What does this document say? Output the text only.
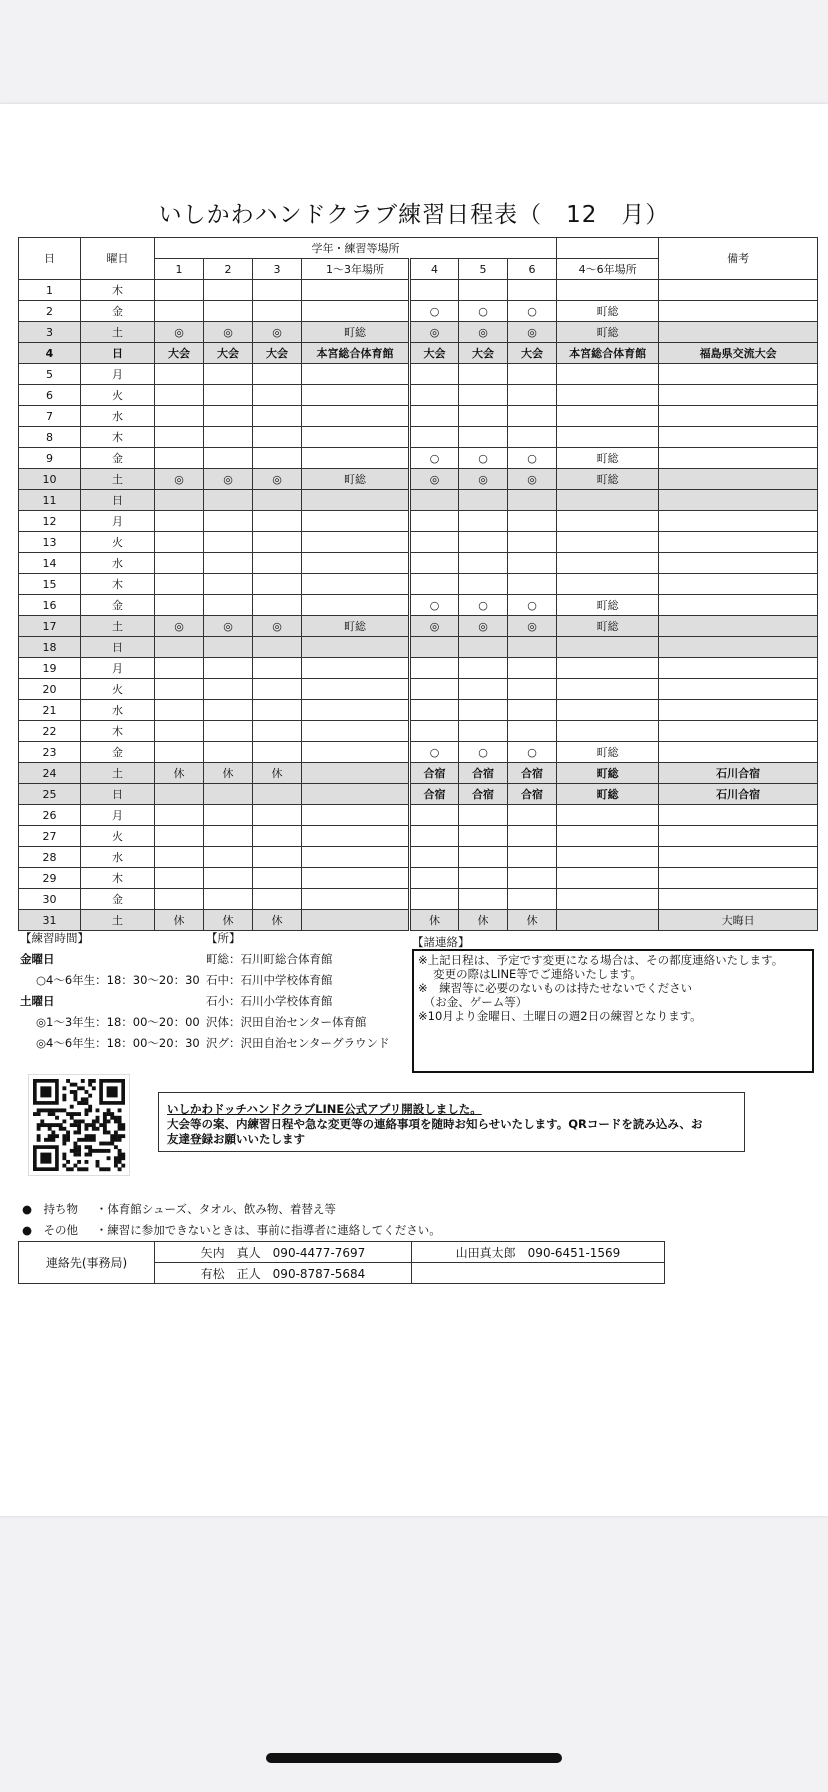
いしかわハンドクラブ練習日程表（　12　月）
日	曜日	学年・練習等場所								備考
		1	2	3	1～3年場所	4	5	6	4～6年場所	
1	木									
2	金					○	○	○	町総	
3	土	◎	◎	◎	町総	◎	◎	◎	町総	
4	日	大会	大会	大会	本宮総合体育館	大会	大会	大会	本宮総合体育館	福島県交流大会
5	月									
6	火									
7	水									
8	木									
9	金					○	○	○	町総	
10	土	◎	◎	◎	町総	◎	◎	◎	町総	
11	日									
12	月									
13	火									
14	水									
15	木									
16	金					○	○	○	町総	
17	土	◎	◎	◎	町総	◎	◎	◎	町総	
18	日									
19	月									
20	火									
21	水									
22	木									
23	金					○	○	○	町総	
24	土	休	休	休		合宿	合宿	合宿	町総	石川合宿
25	日					合宿	合宿	合宿	町総	石川合宿
26	月									
27	火									
28	水									
29	木									
30	金									
31	土	休	休	休		休	休	休		大晦日
【練習時間】
金曜日
○4～6年生：18：30～20：30
土曜日
◎1～3年生：18：00～20：00
◎4～6年生：18：00～20：30
【所】
町総：石川町総合体育館
石中：石川中学校体育館
石小：石川小学校体育館
沢体：沢田自治センター体育館
沢グ：沢田自治センターグラウンド
【諸連絡】
※上記日程は、予定です変更になる場合は、その都度連絡いたします。
　 変更の際はLINE等でご連絡いたします。
※　練習等に必要のないものは持たせないでください
　（お金、ゲーム等）
※10月より金曜日、土曜日の週2日の練習となります。
いしかわドッチハンドクラブLINE公式アプリ開設しました。
大会等の案、内練習日程や急な変更等の連絡事項を随時お知らせいたします。QRコードを読み込み、お
友達登録お願いいたします
●　持ち物 ・体育館シューズ、タオル、飲み物、着替え等
●　その他 ・練習に参加できないときは、事前に指導者に連絡してください。
連絡先(事務局)	矢内　真人　090-4477-7697	山田真太郎　090-6451-1569
	有松　正人　090-8787-5684	
